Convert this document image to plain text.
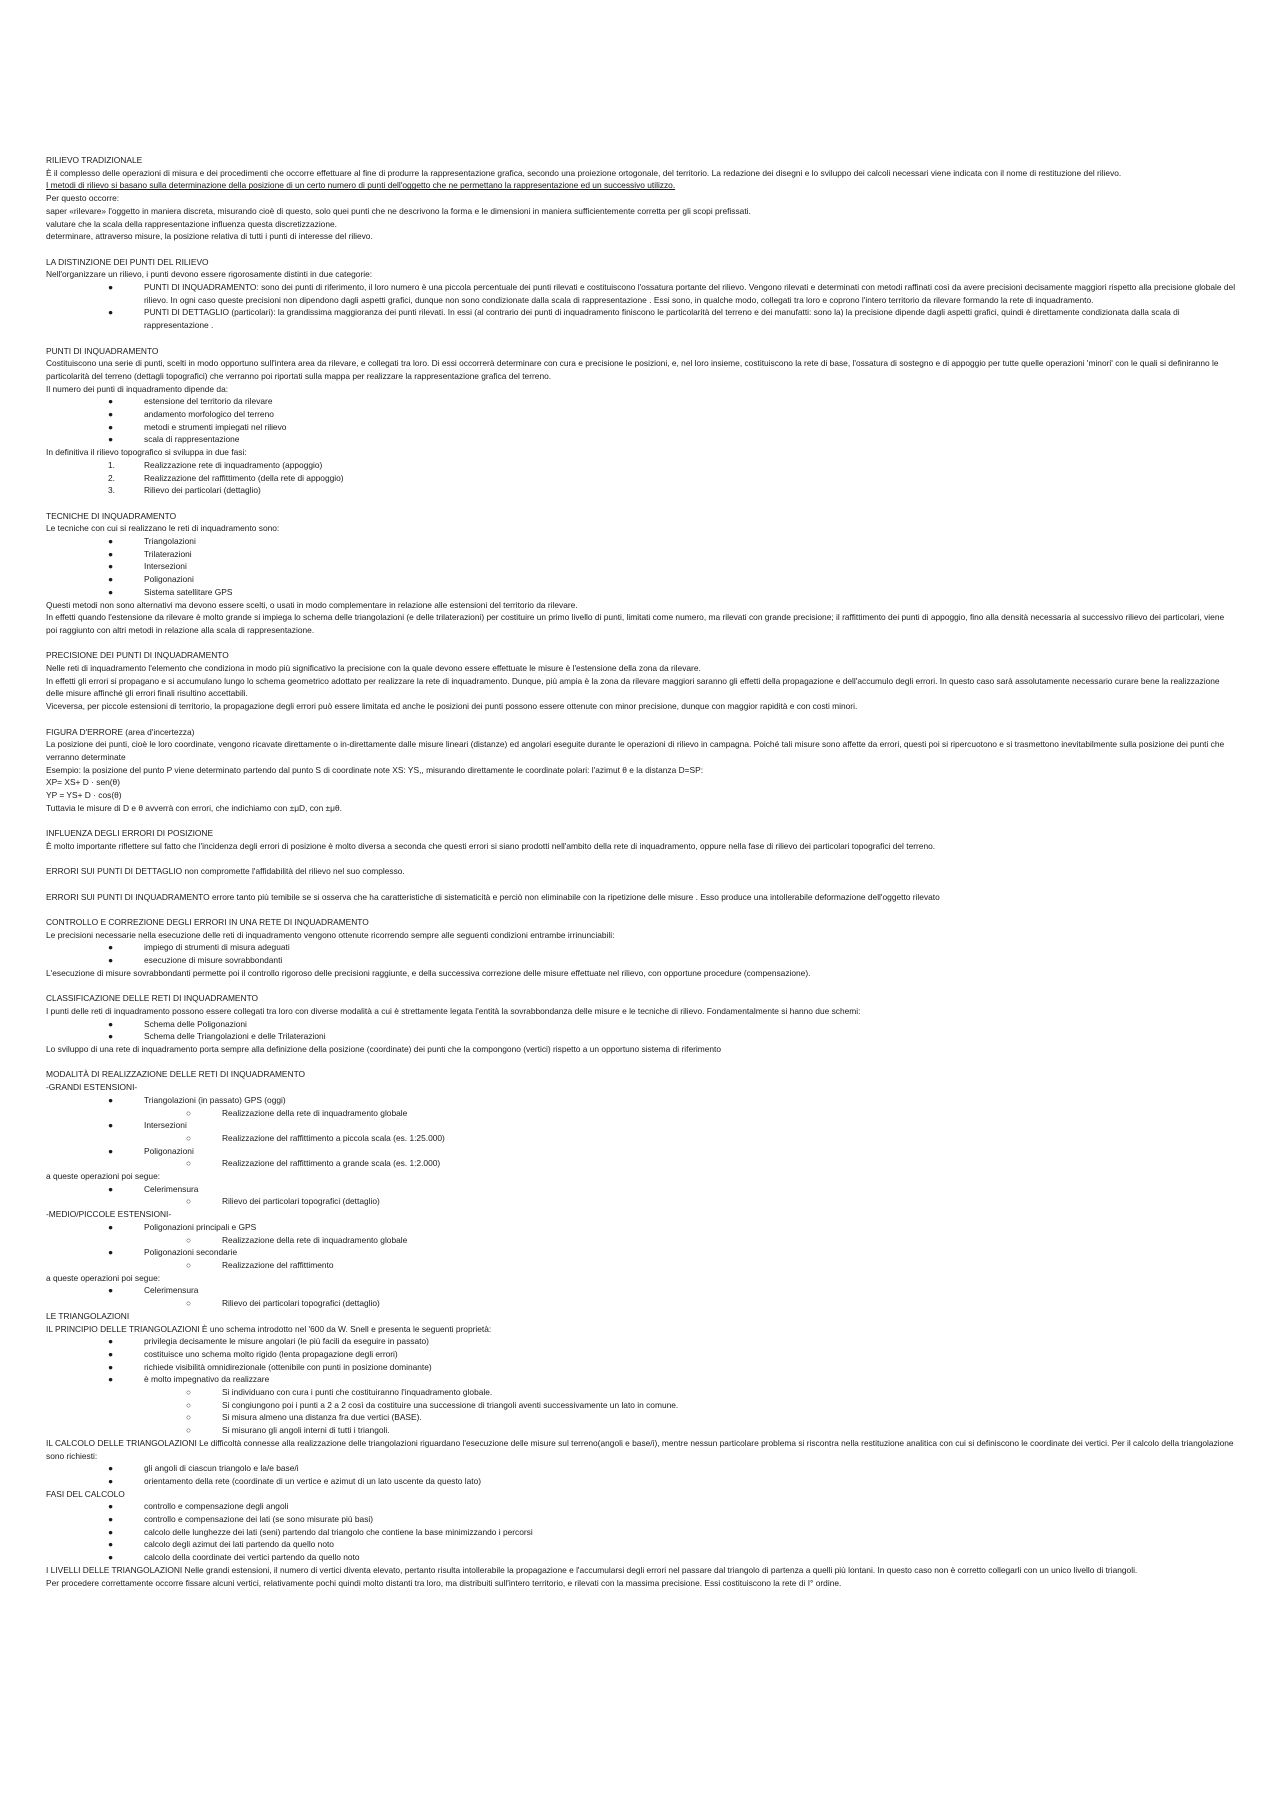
RILIEVO TRADIZIONALE
È il complesso delle operazioni di misura e dei procedimenti che occorre effettuare al fine di produrre la rappresentazione grafica, secondo una proiezione ortogonale, del territorio. La redazione dei disegni e lo sviluppo dei calcoli necessari viene indicata con il nome di restituzione del rilievo.
I metodi di rilievo si basano sulla determinazione della posizione di un certo numero di punti dell'oggetto che ne permettano la rappresentazione ed un successivo utilizzo.
Per questo occorre:
saper «rilevare» l'oggetto in maniera discreta, misurando cioè di questo, solo quei punti che ne descrivono la forma e le dimensioni in maniera sufficientemente corretta per gli scopi prefissati.
valutare che la scala della rappresentazione influenza questa discretizzazione.
determinare, attraverso misure, la posizione relativa di tutti i punti di interesse del rilievo.
LA DISTINZIONE DEI PUNTI DEL RILIEVO
Nell'organizzare un rilievo, i punti devono essere rigorosamente distinti in due categorie:
●	PUNTI DI INQUADRAMENTO: sono dei punti di riferimento, il loro numero è una piccola percentuale dei punti rilevati e costituiscono l'ossatura portante del rilievo. Vengono rilevati e determinati con metodi raffinati così da avere precisioni decisamente maggiori rispetto alla precisione globale del rilievo. In ogni caso queste precisioni non dipendono dagli aspetti grafici, dunque non sono condizionate dalla scala di rappresentazione . Essi sono, in qualche modo, collegati tra loro e coprono l'intero territorio da rilevare formando la rete di inquadramento.
●	PUNTI DI DETTAGLIO (particolari): la grandissima maggioranza dei punti rilevati. In essi (al contrario dei punti di inquadramento finiscono le particolarità del terreno e dei manufatti: sono la) la precisione dipende dagli aspetti grafici, quindi è direttamente condizionata dalla scala di rappresentazione .
PUNTI DI INQUADRAMENTO
Costituiscono una serie di punti, scelti in modo opportuno sull'intera area da rilevare, e collegati tra loro. Di essi occorrerà determinare con cura e precisione le posizioni, e, nel loro insieme, costituiscono la rete di base, l'ossatura di sostegno e di appoggio per tutte quelle operazioni 'minori' con le quali si definiranno le particolarità del terreno (dettagli topografici) che verranno poi riportati sulla mappa per realizzare la rappresentazione grafica del terreno.
Il numero dei punti di inquadramento dipende da:
●	estensione del territorio da rilevare
●	andamento morfologico del terreno
●	metodi e strumenti impiegati nel rilievo
●	scala di rappresentazione
In definitiva il rilievo topografico si sviluppa in due fasi:
1.	Realizzazione rete di inquadramento (appoggio)
2.	Realizzazione del raffittimento (della rete di appoggio)
3.	Rilievo dei particolari (dettaglio)
TECNICHE DI INQUADRAMENTO
Le tecniche con cui si realizzano le reti di inquadramento sono:
●	Triangolazioni
●	Trilaterazioni
●	Intersezioni
●	Poligonazioni
●	Sistema satellitare GPS
Questi metodi non sono alternativi ma devono essere scelti, o usati in modo complementare in relazione alle estensioni del territorio da rilevare.
In effetti quando l'estensione da rilevare è molto grande si impiega lo schema delle triangolazioni (e delle trilaterazioni) per costituire un primo livello di punti, limitati come numero, ma rilevati con grande precisione; il raffittimento dei punti di appoggio, fino alla densità necessaria al successivo rilievo dei particolari, viene poi raggiunto con altri metodi in relazione alla scala di rappresentazione.
PRECISIONE DEI PUNTI DI INQUADRAMENTO
Nelle reti di inquadramento l'elemento che condiziona in modo più significativo la precisione con la quale devono essere effettuate le misure è l'estensione della zona da rilevare.
In effetti gli errori si propagano e si accumulano lungo lo schema geometrico adottato per realizzare la rete di inquadramento. Dunque, più ampia è la zona da rilevare maggiori saranno gli effetti della propagazione e dell'accumulo degli errori. In questo caso sarà assolutamente necessario curare bene la realizzazione delle misure affinché gli errori finali risultino accettabili.
Viceversa, per piccole estensioni di territorio, la propagazione degli errori può essere limitata ed anche le posizioni dei punti possono essere ottenute con minor precisione, dunque con maggior rapidità e con costi minori.
FIGURA D'ERRORE (area d'incertezza)
La posizione dei punti, cioè le loro coordinate, vengono ricavate direttamente o in-direttamente dalle misure lineari (distanze) ed angolari eseguite durante le operazioni di rilievo in campagna. Poiché tali misure sono affette da errori, questi poi si ripercuotono e si trasmettono inevitabilmente sulla posizione dei punti che verranno determinate
Esempio: la posizione del punto P viene determinato partendo dal punto S di coordinate note XS: YS,, misurando direttamente le coordinate polari: l'azimut θ e la distanza D=SP:
XP= XS+ D · sen(θ)
YP = YS+ D · cos(θ)
Tuttavia le misure di D e θ avverrà con errori, che indichiamo con ±μD, con ±μθ.
INFLUENZA DEGLI ERRORI DI POSIZIONE
È molto importante riflettere sul fatto che l'incidenza degli errori di posizione è molto diversa a seconda che questi errori si siano prodotti nell'ambito della rete di inquadramento, oppure nella fase di rilievo dei particolari topografici del terreno.
ERRORI SUI PUNTI DI DETTAGLIO non compromette l'affidabilità del rilievo nel suo complesso.
ERRORI SUI PUNTI DI INQUADRAMENTO errore tanto più temibile se si osserva che ha caratteristiche di sistematicità e perciò non eliminabile con la ripetizione delle misure . Esso produce una intollerabile deformazione dell'oggetto rilevato
CONTROLLO E CORREZIONE DEGLI ERRORI IN UNA RETE DI INQUADRAMENTO
Le precisioni necessarie nella esecuzione delle reti di inquadramento vengono ottenute ricorrendo sempre alle seguenti condizioni entrambe irrinunciabili:
●	impiego di strumenti di misura adeguati
●	esecuzione di misure sovrabbondanti
L'esecuzione di misure sovrabbondanti permette poi il controllo rigoroso delle precisioni raggiunte, e della successiva correzione delle misure effettuate nel rilievo, con opportune procedure (compensazione).
CLASSIFICAZIONE DELLE RETI DI INQUADRAMENTO
I punti delle reti di inquadramento possono essere collegati tra loro con diverse modalità a cui è strettamente legata l'entità la sovrabbondanza delle misure e le tecniche di rilievo. Fondamentalmente si hanno due schemi:
●	Schema delle Poligonazioni
●	Schema delle Triangolazioni e delle Trilaterazioni
Lo sviluppo di una rete di inquadramento porta sempre alla definizione della posizione (coordinate) dei punti che la compongono (vertici) rispetto a un opportuno sistema di riferimento
MODALITÀ DI REALIZZAZIONE DELLE RETI DI INQUADRAMENTO
-GRANDI ESTENSIONI-
●	Triangolazioni (in passato) GPS (oggi)
○	Realizzazione della rete di inquadramento globale
●	Intersezioni
○	Realizzazione del raffittimento a piccola scala (es. 1:25.000)
●	Poligonazioni
○	Realizzazione del raffittimento a grande scala (es. 1:2.000)
a queste operazioni poi segue:
●	Celerimensura
○	Rilievo dei particolari topografici (dettaglio)
-MEDIO/PICCOLE ESTENSIONI-
●	Poligonazioni principali e GPS
○	Realizzazione della rete di inquadramento globale
●	Poligonazioni secondarie
○	Realizzazione del raffittimento
a queste operazioni poi segue:
●	Celerimensura
○	Rilievo dei particolari topografici (dettaglio)
LE TRIANGOLAZIONI
IL PRINCIPIO DELLE TRIANGOLAZIONI È uno schema introdotto nel '600 da W. Snell e presenta le seguenti proprietà:
●	privilegia decisamente le misure angolari (le più facili da eseguire in passato)
●	costituisce uno schema molto rigido (lenta propagazione degli errori)
●	richiede visibilità omnidirezionale (ottenibile con punti in posizione dominante)
●	è molto impegnativo da realizzare
○	Si individuano con cura i punti che costituiranno l'inquadramento globale.
○	Si congiungono poi i punti a 2 a 2 così da costituire una successione di triangoli aventi successivamente un lato in comune.
○	Si misura almeno una distanza fra due vertici (BASE).
○	Si misurano gli angoli interni di tutti i triangoli.
IL CALCOLO DELLE TRIANGOLAZIONI Le difficoltà connesse alla realizzazione delle triangolazioni riguardano l'esecuzione delle misure sul terreno(angoli e base/i), mentre nessun particolare problema si riscontra nella restituzione analitica con cui si definiscono le coordinate dei vertici. Per il calcolo della triangolazione sono richiesti:
●	gli angoli di ciascun triangolo e la/e base/i
●	orientamento della rete (coordinate di un vertice e azimut di un lato uscente da questo lato)
FASI DEL CALCOLO
●	controllo e compensazione degli angoli
●	controllo e compensazione dei lati (se sono misurate più basi)
●	calcolo delle lunghezze dei lati (seni) partendo dal triangolo che contiene la base minimizzando i percorsi
●	calcolo degli azimut dei lati partendo da quello noto
●	calcolo della coordinate dei vertici partendo da quello noto
I LIVELLI DELLE TRIANGOLAZIONI Nelle grandi estensioni, il numero di vertici diventa elevato, pertanto risulta intollerabile la propagazione e l'accumularsi degli errori nel passare dal triangolo di partenza a quelli più lontani. In questo caso non è corretto collegarli con un unico livello di triangoli.
Per procedere correttamente occorre fissare alcuni vertici, relativamente pochi quindi molto distanti tra loro, ma distribuiti sull'intero territorio, e rilevati con la massima precisione. Essi costituiscono la rete di I° ordine.
